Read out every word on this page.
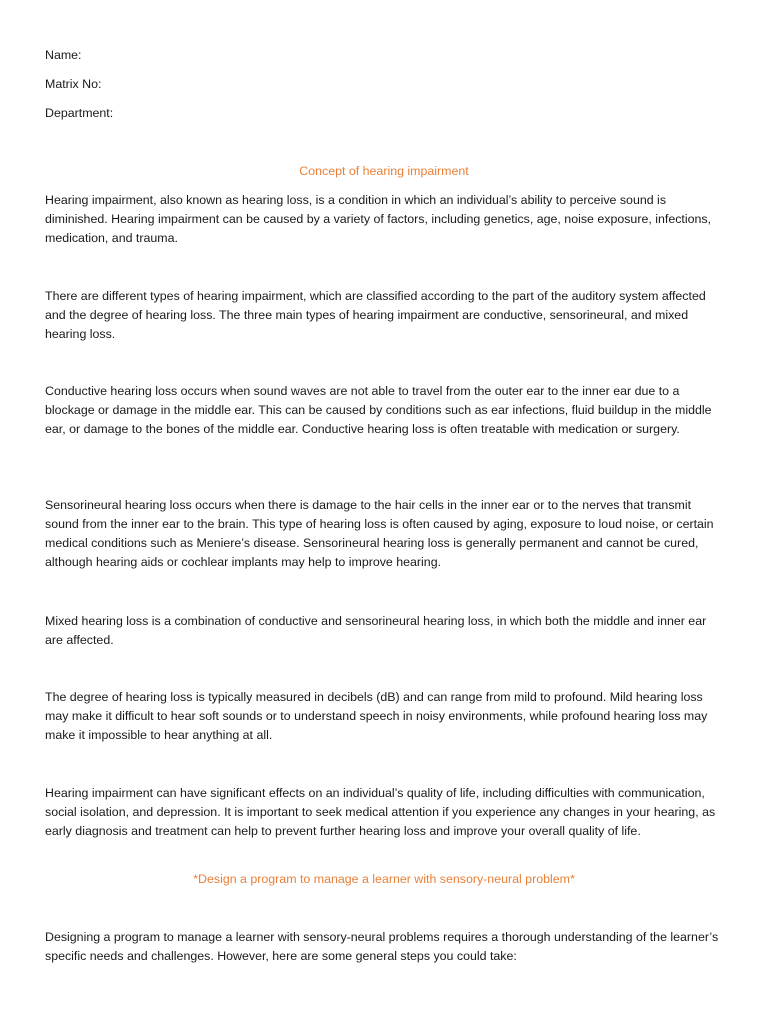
Name:
Matrix No:
Department:

Concept of hearing impairment

Hearing impairment, also known as hearing loss, is a condition in which an individual’s ability to perceive sound is diminished. Hearing impairment can be caused by a variety of factors, including genetics, age, noise exposure, infections, medication, and trauma.

There are different types of hearing impairment, which are classified according to the part of the auditory system affected and the degree of hearing loss. The three main types of hearing impairment are conductive, sensorineural, and mixed hearing loss.

Conductive hearing loss occurs when sound waves are not able to travel from the outer ear to the inner ear due to a blockage or damage in the middle ear. This can be caused by conditions such as ear infections, fluid buildup in the middle ear, or damage to the bones of the middle ear. Conductive hearing loss is often treatable with medication or surgery.

Sensorineural hearing loss occurs when there is damage to the hair cells in the inner ear or to the nerves that transmit sound from the inner ear to the brain. This type of hearing loss is often caused by aging, exposure to loud noise, or certain medical conditions such as Meniere’s disease. Sensorineural hearing loss is generally permanent and cannot be cured, although hearing aids or cochlear implants may help to improve hearing.

Mixed hearing loss is a combination of conductive and sensorineural hearing loss, in which both the middle and inner ear are affected.

The degree of hearing loss is typically measured in decibels (dB) and can range from mild to profound. Mild hearing loss may make it difficult to hear soft sounds or to understand speech in noisy environments, while profound hearing loss may make it impossible to hear anything at all.

Hearing impairment can have significant effects on an individual’s quality of life, including difficulties with communication, social isolation, and depression. It is important to seek medical attention if you experience any changes in your hearing, as early diagnosis and treatment can help to prevent further hearing loss and improve your overall quality of life.

*Design a program to manage a learner with sensory-neural problem*

Designing a program to manage a learner with sensory-neural problems requires a thorough understanding of the learner’s specific needs and challenges. However, here are some general steps you could take:
